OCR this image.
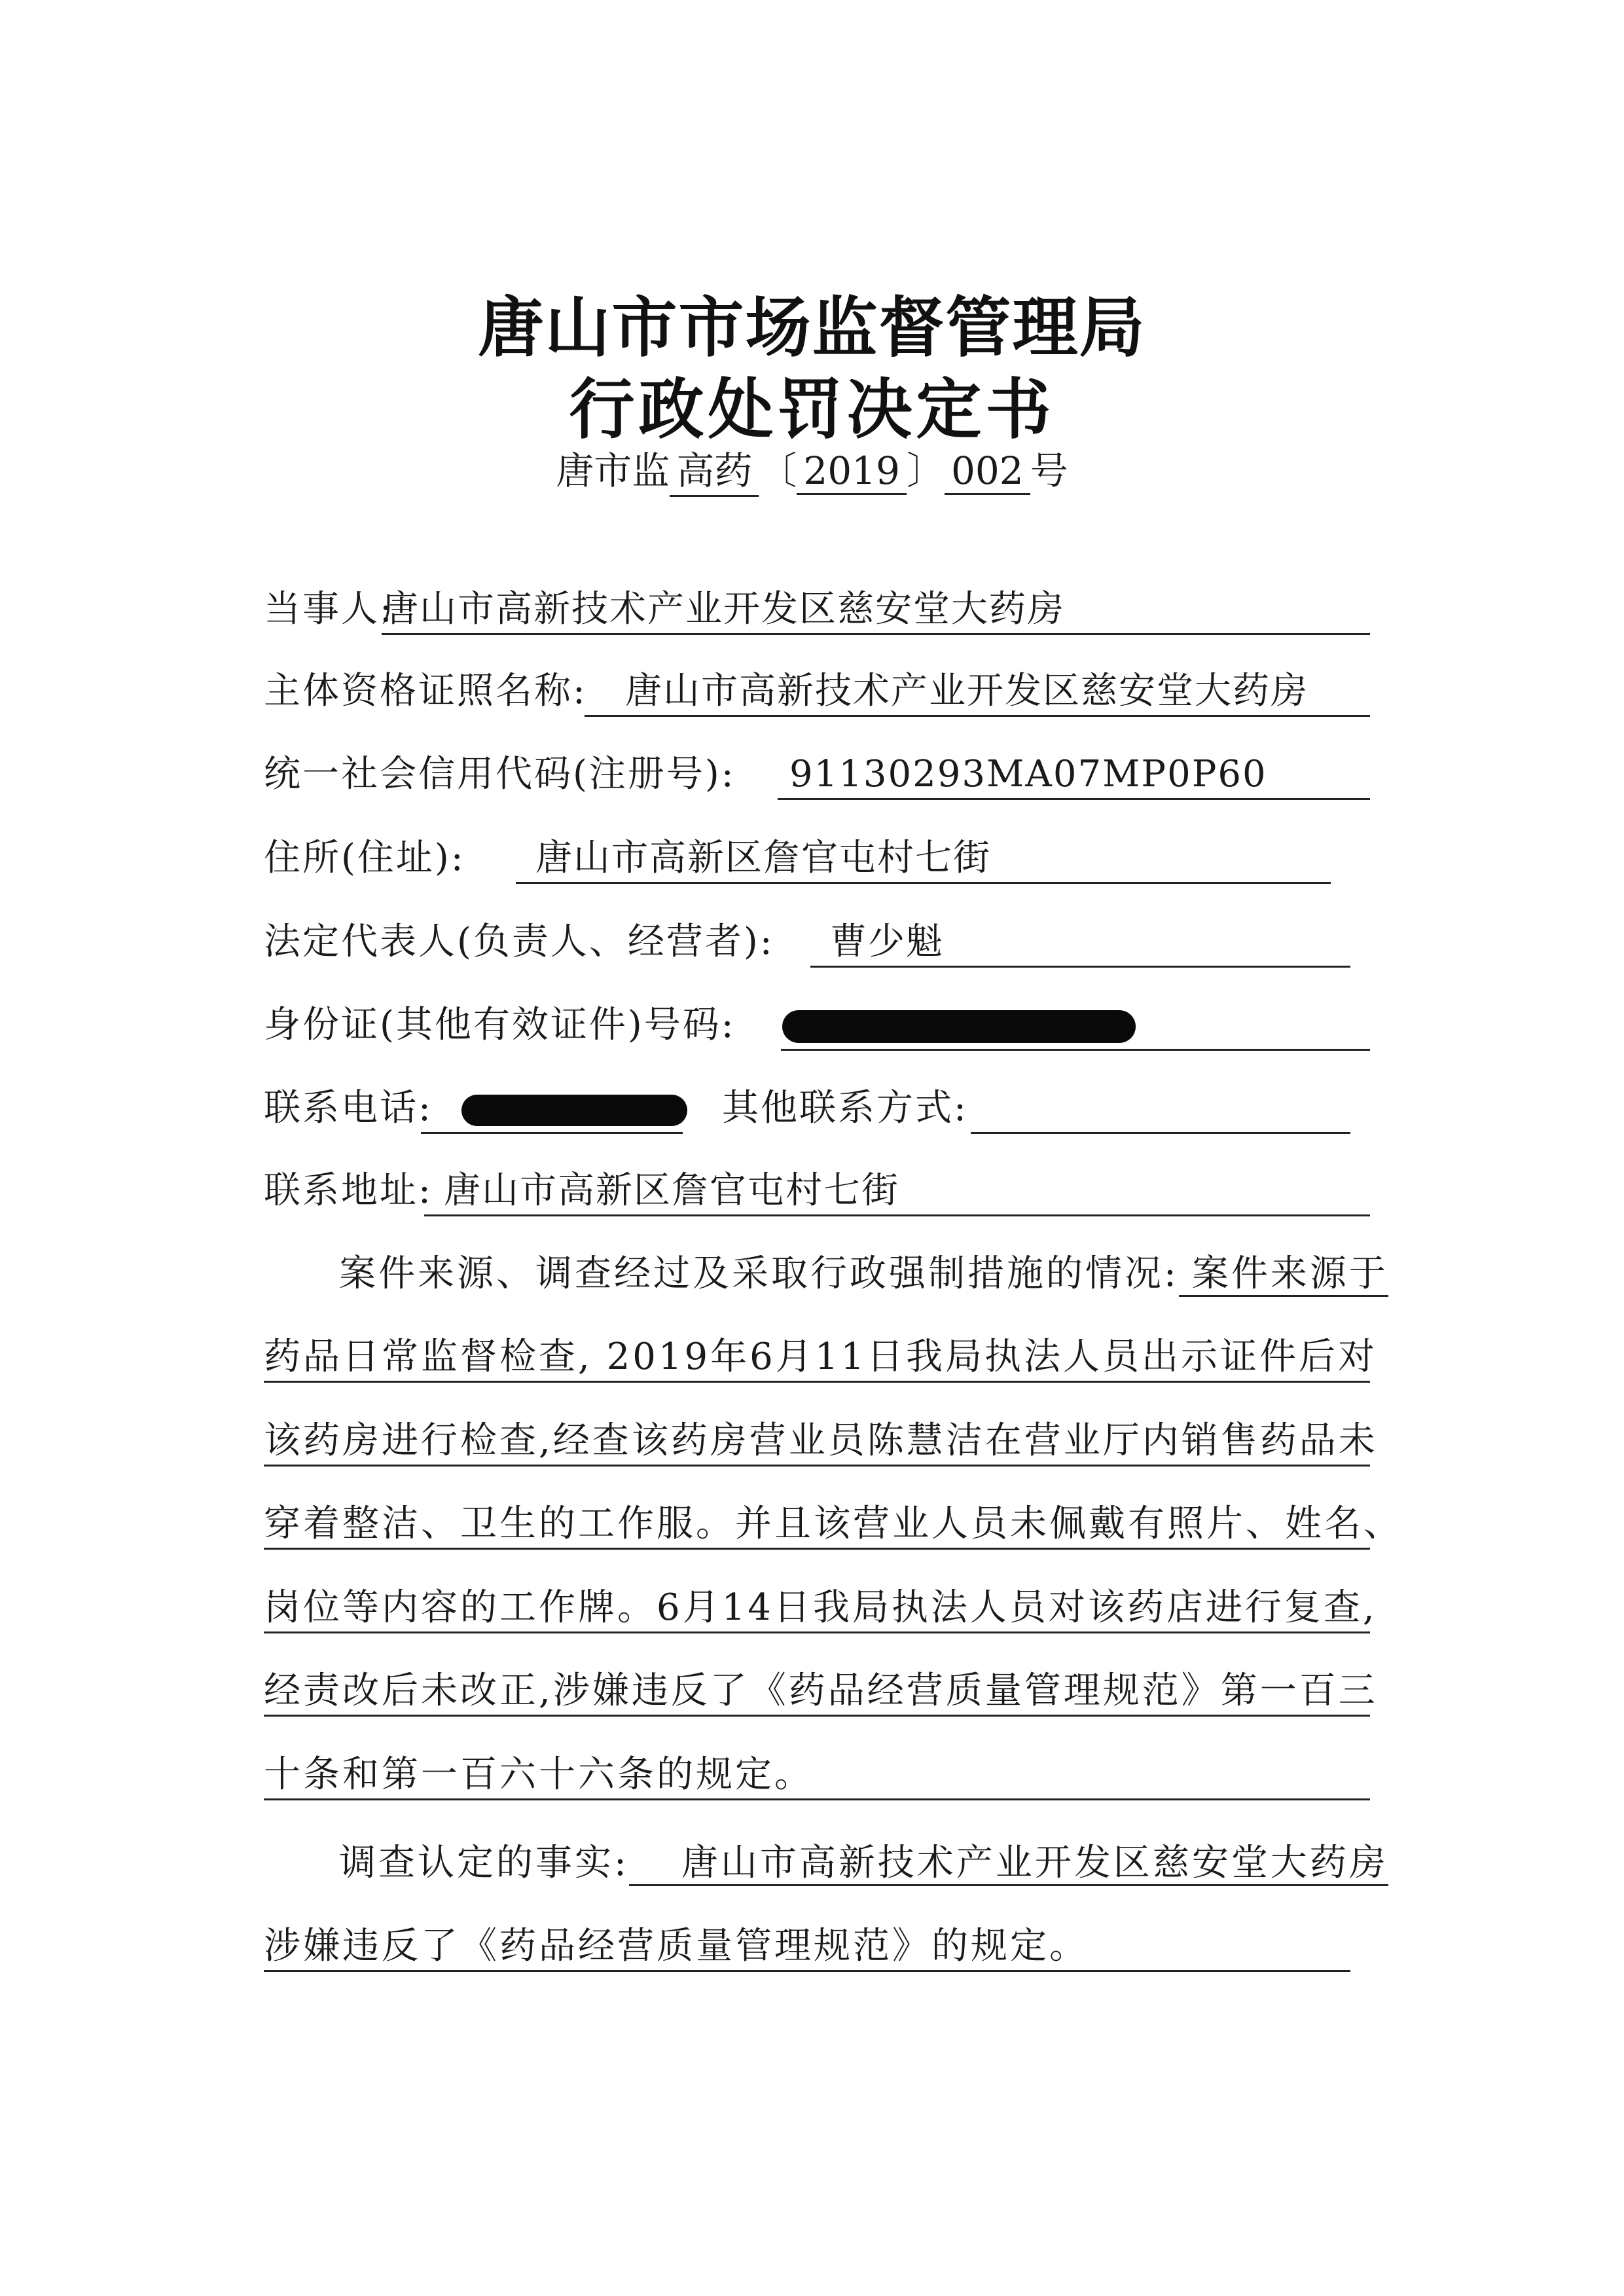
唐山市市场监督管理局
行政处罚决定书
唐市监 高药 〔 2019 〕 002 号
当事人:
唐山市高新技术产业开发区慈安堂大药房
主体资格证照名称:	唐山市高新技术产业开发区慈安堂大药房
统一社会信用代码(注册号):	91130293MA07MP0P60
住所(住址):	唐山市高新区詹官屯村七街
法定代表人(负责人、经营者):	曹少魁
身份证(其他有效证件)号码:
联系电话:	其他联系方式:
联系地址: 唐山市高新区詹官屯村七街
案件来源、调查经过及采取行政强制措施的情况: 案件来源于
药品日常监督检查, 2019年6月11日我局执法人员出示证件后对
该药房进行检查,经查该药房营业员陈慧洁在营业厅内销售药品未
穿着整洁、卫生的工作服。并且该营业人员未佩戴有照片、姓名、
岗位等内容的工作牌。6月14日我局执法人员对该药店进行复查,
经责改后未改正,涉嫌违反了《药品经营质量管理规范》第一百三
十条和第一百六十六条的规定。
调查认定的事实: 唐山市高新技术产业开发区慈安堂大药房
涉嫌违反了《药品经营质量管理规范》的规定。
